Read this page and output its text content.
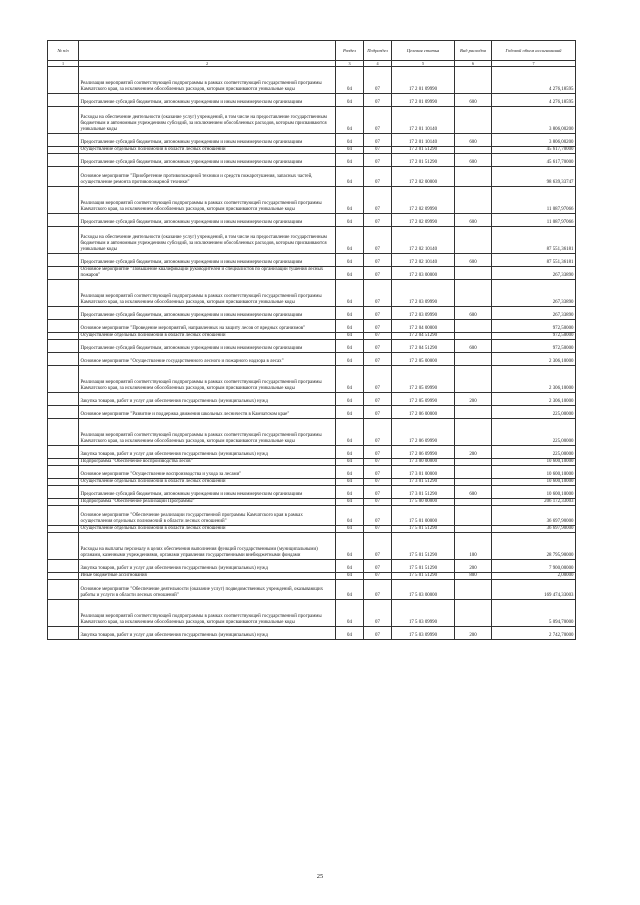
№ п/п		Раздел	Подраздел	Целевая статья	Вид расходов	Годовой объем ассигнований
1	2	3	4	5	6	7
	Реализация мероприятий соответствующей подпрограммы в рамках соответствующей государственной программы Камчатского края, за исключением обособленных расходов, которым присваиваются уникальные коды	04	07	17 2 01 09990		4 276,18595
	Предоставление субсидий бюджетным, автономным учреждениям и иным некоммерческим организациям	04	07	17 2 01 09990	600	4 276,18595
	Расходы на обеспечение деятельности (оказание услуг) учреждений, в том числе на предоставление государственным бюджетным и автономным учреждениям субсидий, за исключением обособленных расходов, которым присваиваются уникальные коды	04	07	17 2 01 10140		3 806,00200
	Предоставление субсидий бюджетным, автономным учреждениям и иным некоммерческим организациям	04	07	17 2 01 10140	600	3 806,00200
	Осуществление отдельных полномочий в области лесных отношений	04	07	17 2 01 51290		45 617,70000
	Предоставление субсидий бюджетным, автономным учреждениям и иным некоммерческим организациям	04	07	17 2 01 51290	600	45 617,70000
	Основное мероприятие "Приобретение противопожарной техники и средств пожаротушения, запасных частей, осуществление ремонта противопожарной техники"	04	07	17 2 02 00000		98 639,33747
	Реализация мероприятий соответствующей подпрограммы в рамках соответствующей государственной программы Камчатского края, за исключением обособленных расходов, которым присваиваются уникальные коды	04	07	17 2 02 09990		11 087,97066
	Предоставление субсидий бюджетным, автономным учреждениям и иным некоммерческим организациям	04	07	17 2 02 09990	600	11 087,97066
	Расходы на обеспечение деятельности (оказание услуг) учреждений, в том числе на предоставление государственным бюджетным и автономным учреждениям субсидий, за исключением обособленных расходов, которым присваиваются уникальные коды	04	07	17 2 02 10140		87 551,36181
	Предоставление субсидий бюджетным, автономным учреждениям и иным некоммерческим организациям	04	07	17 2 02 10140	600	87 551,36181
	Основное мероприятие "Повышение квалификации руководителей и специалистов по организации тушения лесных пожаров"	04	07	17 2 03 00000		267,33890
	Реализация мероприятий соответствующей подпрограммы в рамках соответствующей государственной программы Камчатского края, за исключением обособленных расходов, которым присваиваются уникальные коды	04	07	17 2 03 09990		267,33890
	Предоставление субсидий бюджетным, автономным учреждениям и иным некоммерческим организациям	04	07	17 2 03 09990	600	267,33890
	Основное мероприятие "Проведение мероприятий, направленных на защиту лесов от вредных организмов"	04	07	17 2 04 00000		972,50000
	Осуществление отдельных полномочий в области лесных отношений	04	07	17 2 04 51290		972,50000
	Предоставление субсидий бюджетным, автономным учреждениям и иным некоммерческим организациям	04	07	17 2 04 51290	600	972,50000
	Основное мероприятие "Осуществление государственного лесного и пожарного надзора в лесах"	04	07	17 2 05 00000		2 306,10000
	Реализация мероприятий соответствующей подпрограммы в рамках соответствующей государственной программы Камчатского края, за исключением обособленных расходов, которым присваиваются уникальные коды	04	07	17 2 05 09990		2 306,10000
	Закупка товаров, работ и услуг для обеспечения государственных (муниципальных) нужд	04	07	17 2 05 09990	200	2 306,10000
	Основное мероприятие "Развитие и поддержка движения школьных лесничеств в Камчатском крае"	04	07	17 2 06 00000		225,00000
	Реализация мероприятий соответствующей подпрограммы в рамках соответствующей государственной программы Камчатского края, за исключением обособленных расходов, которым присваиваются уникальные коды	04	07	17 2 06 09990		225,00000
	Закупка товаров, работ и услуг для обеспечения государственных (муниципальных) нужд	04	07	17 2 06 09990	200	225,00000
	Подпрограмма "Обеспечение воспроизводства лесов"	04	07	17 3 00 00000		10 600,10000
	Основное мероприятие "Осуществление воспроизводства и ухода за лесами"	04	07	17 3 01 00000		10 600,10000
	Осуществление отдельных полномочий в области лесных отношений	04	07	17 3 01 51290		10 600,10000
	Предоставление субсидий бюджетным, автономным учреждениям и иным некоммерческим организациям	04	07	17 3 01 51290	600	10 600,10000
	Подпрограмма "Обеспечение реализации Программы"	04	07	17 5 00 00000		206 172,33003
	Основное мероприятие "Обеспечение реализации государственной программы Камчатского края в рамках осуществления отдельных полномочий в области лесных отношений"	04	07	17 5 01 00000		36 697,90000
	Осуществление отдельных полномочий в области лесных отношений	04	07	17 5 01 51290		36 697,90000
	Расходы на выплаты персоналу в целях обеспечения выполнения функций государственными (муниципальными) органами, казенными учреждениями, органами управления государственными внебюджетными фондами	04	07	17 5 01 51290	100	28 795,90000
	Закупка товаров, работ и услуг для обеспечения государственных (муниципальных) нужд	04	07	17 5 01 51290	200	7 900,00000
	Иные бюджетные ассигнования	04	07	17 5 01 51290	800	2,00000
	Основное мероприятие "Обеспечение деятельности (оказание услуг) подведомственных учреждений, оказывающих работы и услуги в области лесных отношений"	04	07	17 5 03 00000		169 474,33003
	Реализация мероприятий соответствующей подпрограммы в рамках соответствующей государственной программы Камчатского края, за исключением обособленных расходов, которым присваиваются уникальные коды	04	07	17 5 03 09990		5 094,70000
	Закупка товаров, работ и услуг для обеспечения государственных (муниципальных) нужд	04	07	17 5 03 09990	200	2 742,70000
25
